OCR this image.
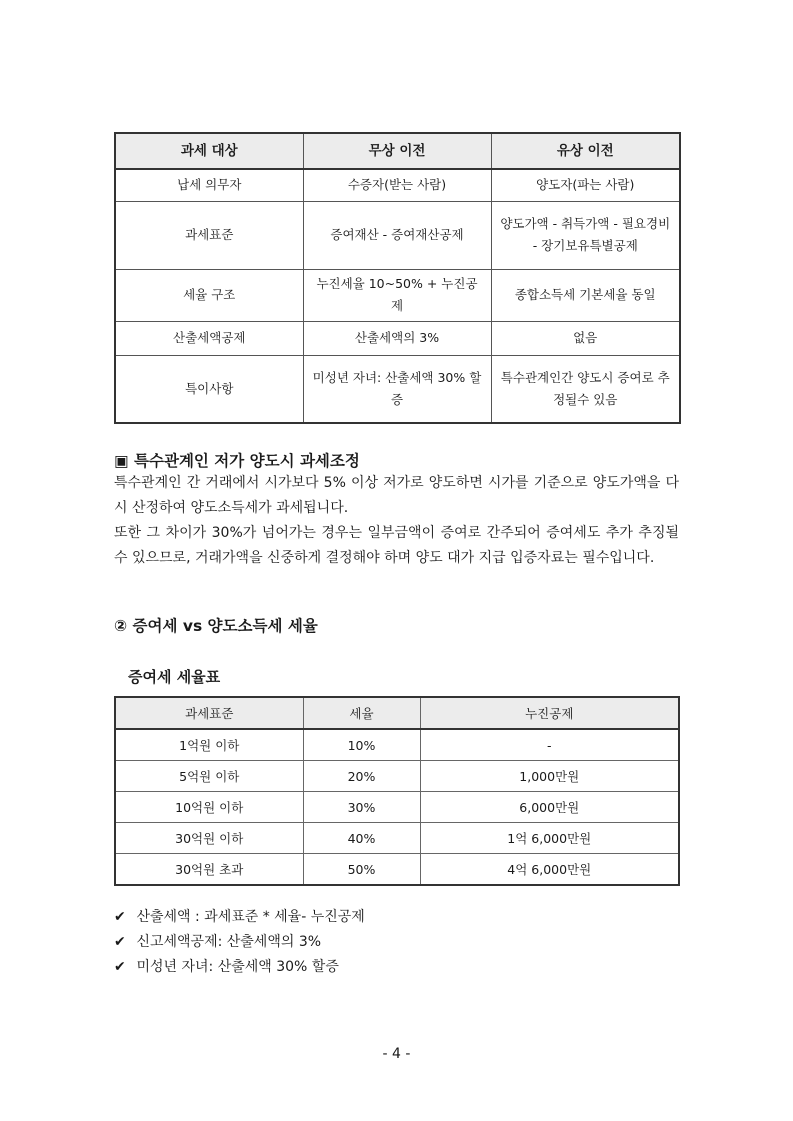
과세 대상	무상 이전	유상 이전
납세 의무자	수증자(받는 사람)	양도자(파는 사람)
과세표준	증여재산 - 증여재산공제	양도가액 - 취득가액 - 필요경비 - 장기보유특별공제
세율 구조	누진세율 10~50% + 누진공제	종합소득세 기본세율 동일
산출세액공제	산출세액의 3%	없음
특이사항	미성년 자녀: 산출세액 30% 할증	특수관계인간 양도시 증여로 추정될수 있음
▣ 특수관계인 저가 양도시 과세조정

특수관계인 간 거래에서 시가보다 5% 이상 저가로 양도하면 시가를 기준으로 양도가액을 다시 산정하여 양도소득세가 과세됩니다.

또한 그 차이가 30%가 넘어가는 경우는 일부금액이 증여로 간주되어 증여세도 추가 추징될 수 있으므로, 거래가액을 신중하게 결정해야 하며 양도 대가 지급 입증자료는 필수입니다.

② 증여세 vs 양도소득세 세율
증여세 세율표
과세표준	세율	누진공제
1억원 이하	10%	-
5억원 이하	20%	1,000만원
10억원 이하	30%	6,000만원
30억원 이하	40%	1억 6,000만원
30억원 초과	50%	4억 6,000만원
✔ 산출세액 : 과세표준 * 세율- 누진공제
✔ 신고세액공제: 산출세액의 3%
✔ 미성년 자녀: 산출세액 30% 할증
- 4 -
